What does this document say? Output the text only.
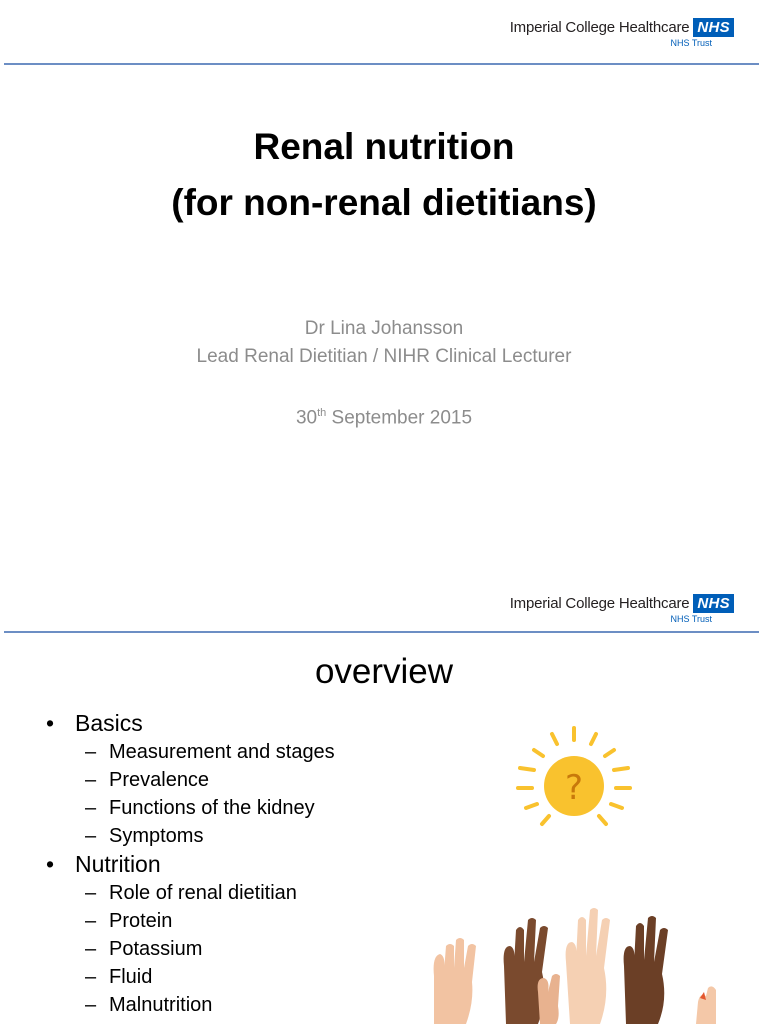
Imperial College Healthcare NHS
NHS Trust
Renal nutrition
(for non-renal dietitians)
Dr Lina Johansson
Lead Renal Dietitian / NIHR Clinical Lecturer
30th September 2015
Imperial College Healthcare NHS
NHS Trust
overview
• Basics
– Measurement and stages
– Prevalence
– Functions of the kidney
– Symptoms
• Nutrition
– Role of renal dietitian
– Protein
– Potassium
– Fluid
– Malnutrition
?
